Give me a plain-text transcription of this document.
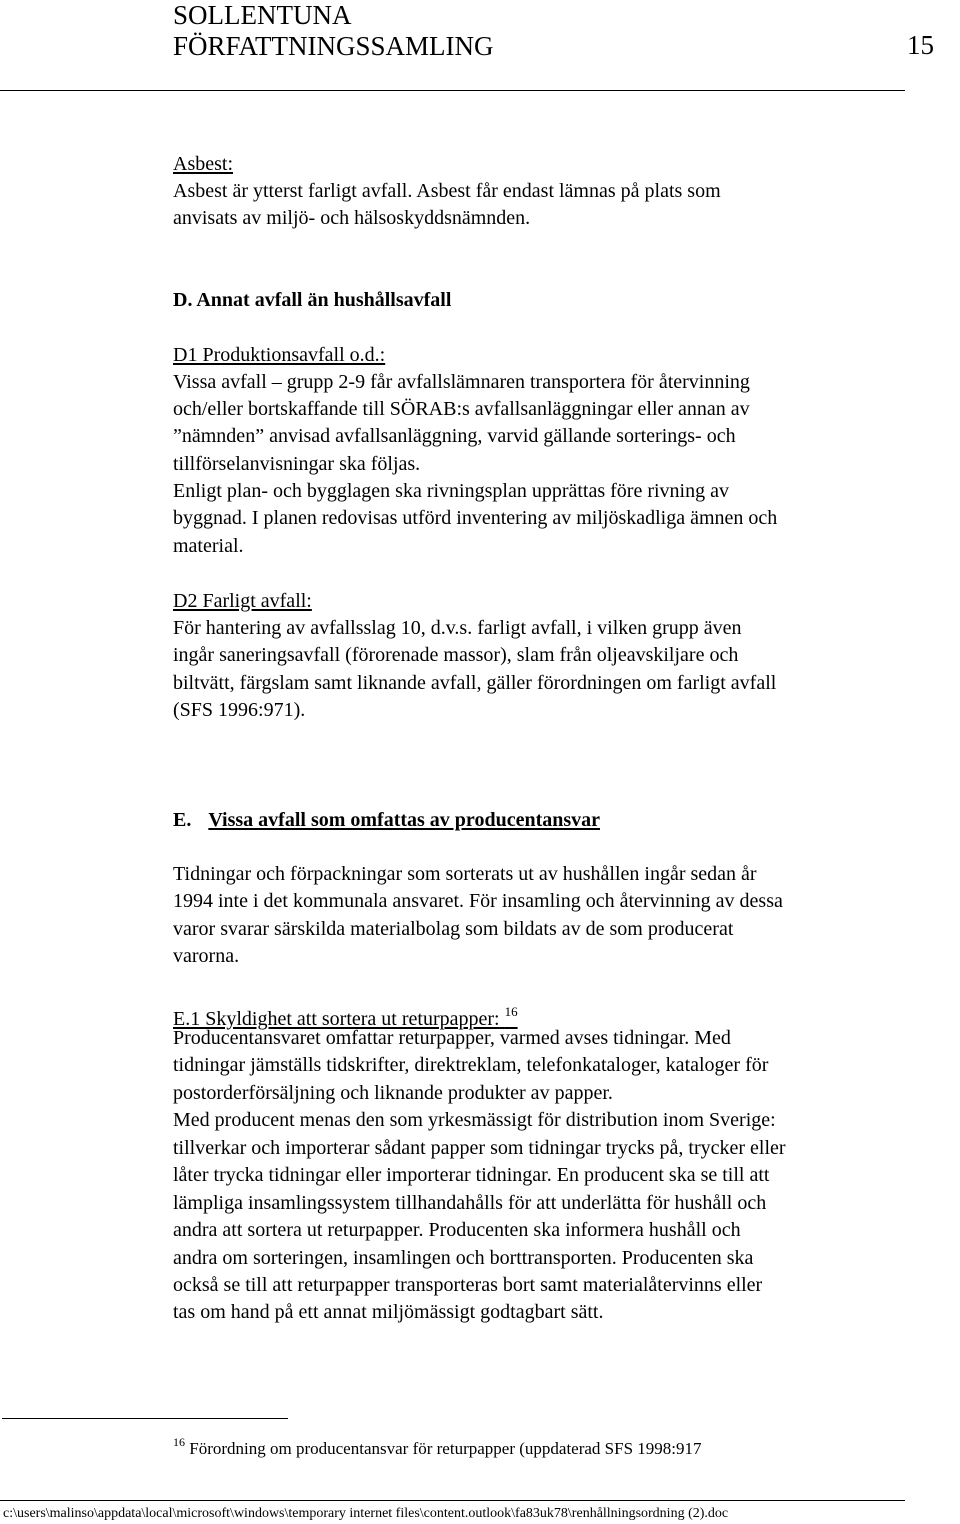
SOLLENTUNA
FÖRFATTNINGSSAMLING	15
Asbest:
Asbest är ytterst farligt avfall. Asbest får endast lämnas på plats som
anvisats av miljö- och hälsoskyddsnämnden.
D. Annat avfall än hushållsavfall
D1 Produktionsavfall o.d.:
Vissa avfall – grupp 2-9 får avfallslämnaren transportera för återvinning
och/eller bortskaffande till SÖRAB:s avfallsanläggningar eller annan av
”nämnden” anvisad avfallsanläggning, varvid gällande sorterings- och
tillförselanvisningar ska följas.
Enligt plan- och bygglagen ska rivningsplan upprättas före rivning av
byggnad. I planen redovisas utförd inventering av miljöskadliga ämnen och
material.
D2 Farligt avfall:
För hantering av avfallsslag 10, d.v.s. farligt avfall, i vilken grupp även
ingår saneringsavfall (förorenade massor), slam från oljeavskiljare och
biltvätt, färgslam samt liknande avfall, gäller förordningen om farligt avfall
(SFS 1996:971).
E. Vissa avfall som omfattas av producentansvar
Tidningar och förpackningar som sorterats ut av hushållen ingår sedan år
1994 inte i det kommunala ansvaret. För insamling och återvinning av dessa
varor svarar särskilda materialbolag som bildats av de som producerat
varorna.
E.1 Skyldighet att sortera ut returpapper: $^{16}$
Producentansvaret omfattar returpapper, varmed avses tidningar. Med
tidningar jämställs tidskrifter, direktreklam, telefonkataloger, kataloger för
postorderförsäljning och liknande produkter av papper.
Med producent menas den som yrkesmässigt för distribution inom Sverige:
tillverkar och importerar sådant papper som tidningar trycks på, trycker eller
låter trycka tidningar eller importerar tidningar. En producent ska se till att
lämpliga insamlingssystem tillhandahålls för att underlätta för hushåll och
andra att sortera ut returpapper. Producenten ska informera hushåll och
andra om sorteringen, insamlingen och borttransporten. Producenten ska
också se till att returpapper transporteras bort samt materialåtervinns eller
tas om hand på ett annat miljömässigt godtagbart sätt.
$^{16}$ Förordning om producentansvar för returpapper (uppdaterad SFS 1998:917
c:\users\malinso\appdata\local\microsoft\windows\temporary internet files\content.outlook\fa83uk78\renhållningsordning (2).doc
